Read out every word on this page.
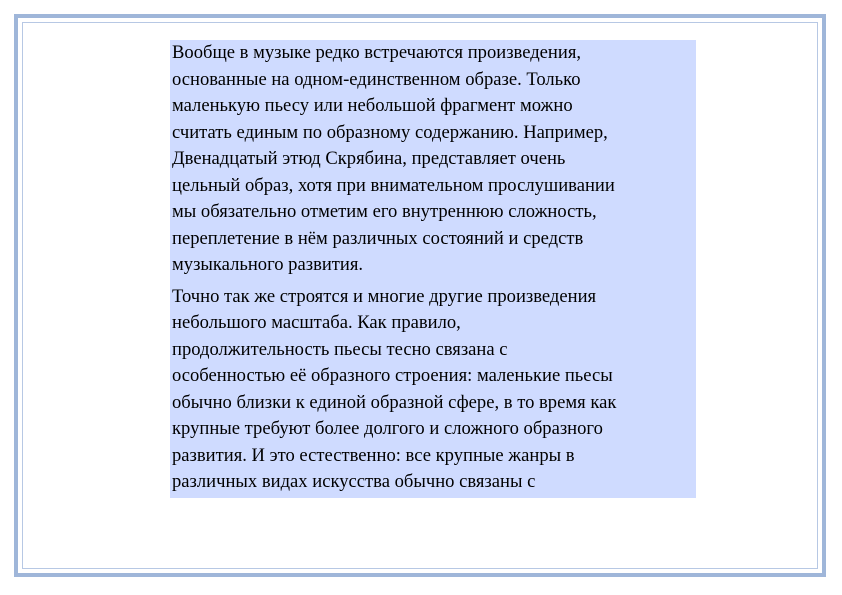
Вообще в музыке редко встречаются произведения,
основанные на одном-единственном образе. Только
маленькую пьесу или небольшой фрагмент можно
считать единым по образному содержанию. Например,
Двенадцатый этюд Скрябина, представляет очень
цельный образ, хотя при внимательном прослушивании
мы обязательно отметим его внутреннюю сложность,
переплетение в нём различных состояний и средств
музыкального развития.

Точно так же строятся и многие другие произведения
небольшого масштаба. Как правило,
продолжительность пьесы тесно связана с
особенностью её образного строения: маленькие пьесы
обычно близки к единой образной сфере, в то время как
крупные требуют более долгого и сложного образного
развития. И это естественно: все крупные жанры в
различных видах искусства обычно связаны с
